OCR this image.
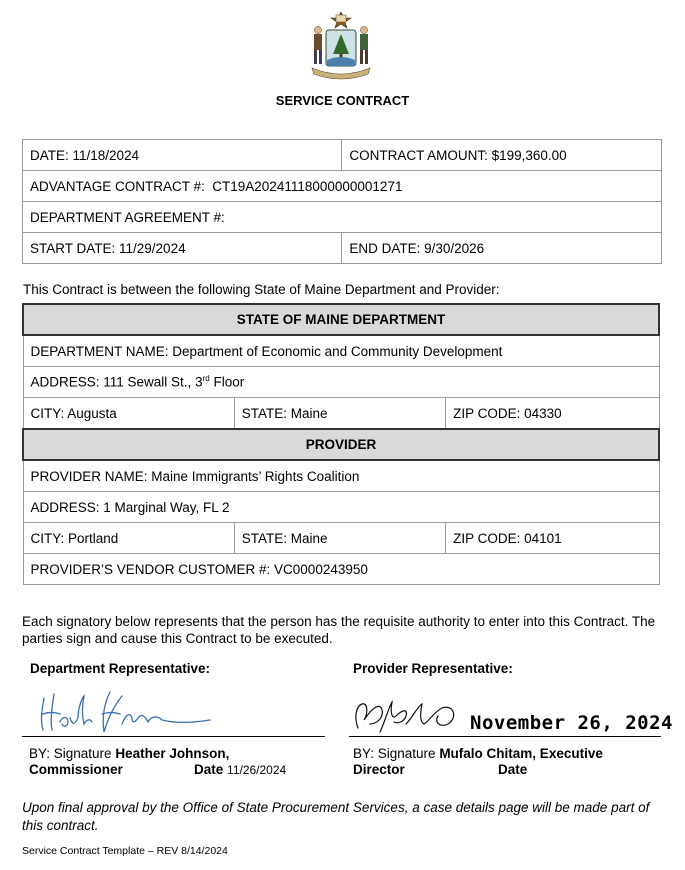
SERVICE CONTRACT
DATE: 11/18/2024	CONTRACT AMOUNT: $199,360.00
ADVANTAGE CONTRACT #:  CT19A20241118000000001271	
DEPARTMENT AGREEMENT #:	
START DATE: 11/29/2024	END DATE: 9/30/2026
This Contract is between the following State of Maine Department and Provider:
STATE OF MAINE DEPARTMENT		
DEPARTMENT NAME: Department of Economic and Community Development		
ADDRESS: 111 Sewall St., 3rd Floor		
CITY: Augusta	STATE: Maine	ZIP CODE: 04330
PROVIDER		
PROVIDER NAME: Maine Immigrants’ Rights Coalition		
ADDRESS: 1 Marginal Way, FL 2		
CITY: Portland	STATE: Maine	ZIP CODE: 04101
PROVIDER’S VENDOR CUSTOMER #: VC0000243950		
Each signatory below represents that the person has the requisite authority to enter into this Contract. The parties sign and cause this Contract to be executed.
Department Representative:
BY: Signature Heather Johnson,
Commissioner	Date 11/26/2024
Provider Representative:
November 26, 2024
BY: Signature Mufalo Chitam, Executive
Director	Date
Upon final approval by the Office of State Procurement Services, a case details page will be made part of this contract.
Service Contract Template – REV 8/14/2024
